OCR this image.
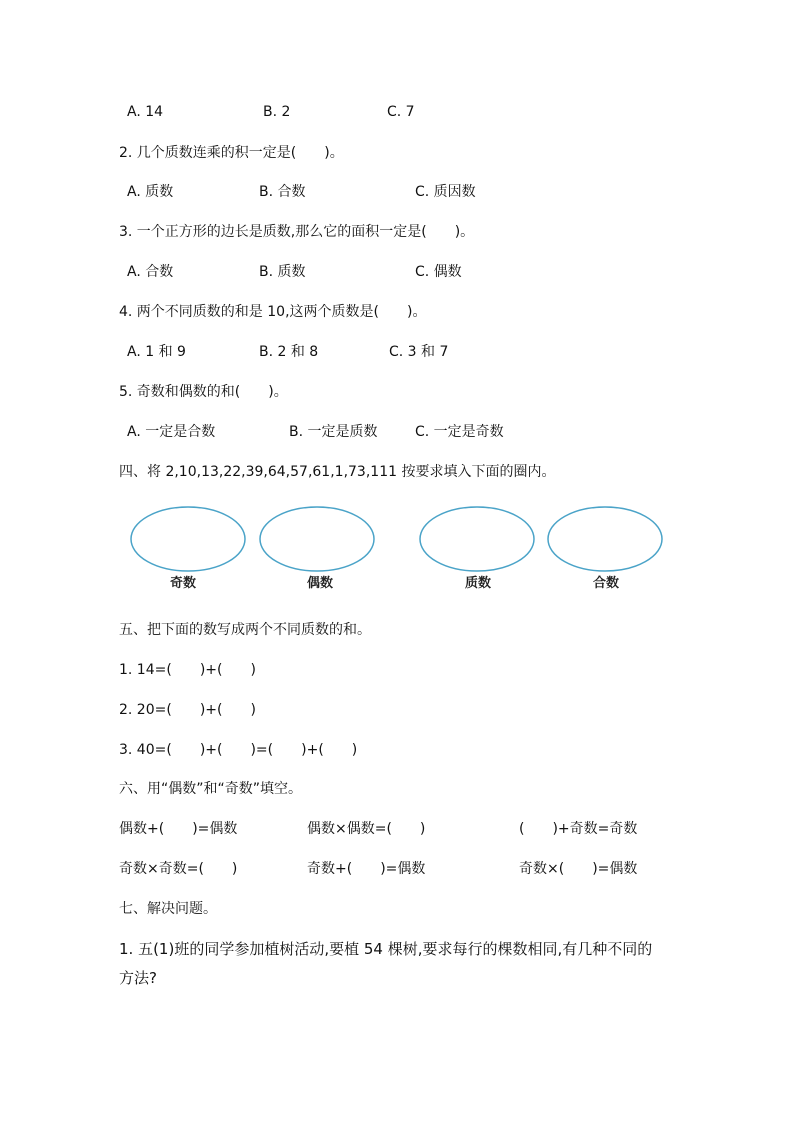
A. 14	B. 2	C. 7
2. 几个质数连乘的积一定是(　　)。
A. 质数	B. 合数	C. 质因数
3. 一个正方形的边长是质数,那么它的面积一定是(　　)。
A. 合数	B. 质数	C. 偶数
4. 两个不同质数的和是 10,这两个质数是(　　)。
A. 1 和 9	B. 2 和 8	C. 3 和 7
5. 奇数和偶数的和(　　)。
A. 一定是合数	B. 一定是质数	C. 一定是奇数
四、将 2,10,13,22,39,64,57,61,1,73,111 按要求填入下面的圈内。
奇数	偶数	质数	合数
五、把下面的数写成两个不同质数的和。
1. 14=(　　)+(　　)
2. 20=(　　)+(　　)
3. 40=(　　)+(　　)=(　　)+(　　)
六、用“偶数”和“奇数”填空。
偶数+(　　)=偶数	偶数×偶数=(　　)	(　　)+奇数=奇数
奇数×奇数=(　　)	奇数+(　　)=偶数	奇数×(　　)=偶数
七、解决问题。
1. 五(1)班的同学参加植树活动,要植 54 棵树,要求每行的棵数相同,有几种不同的
方法?
